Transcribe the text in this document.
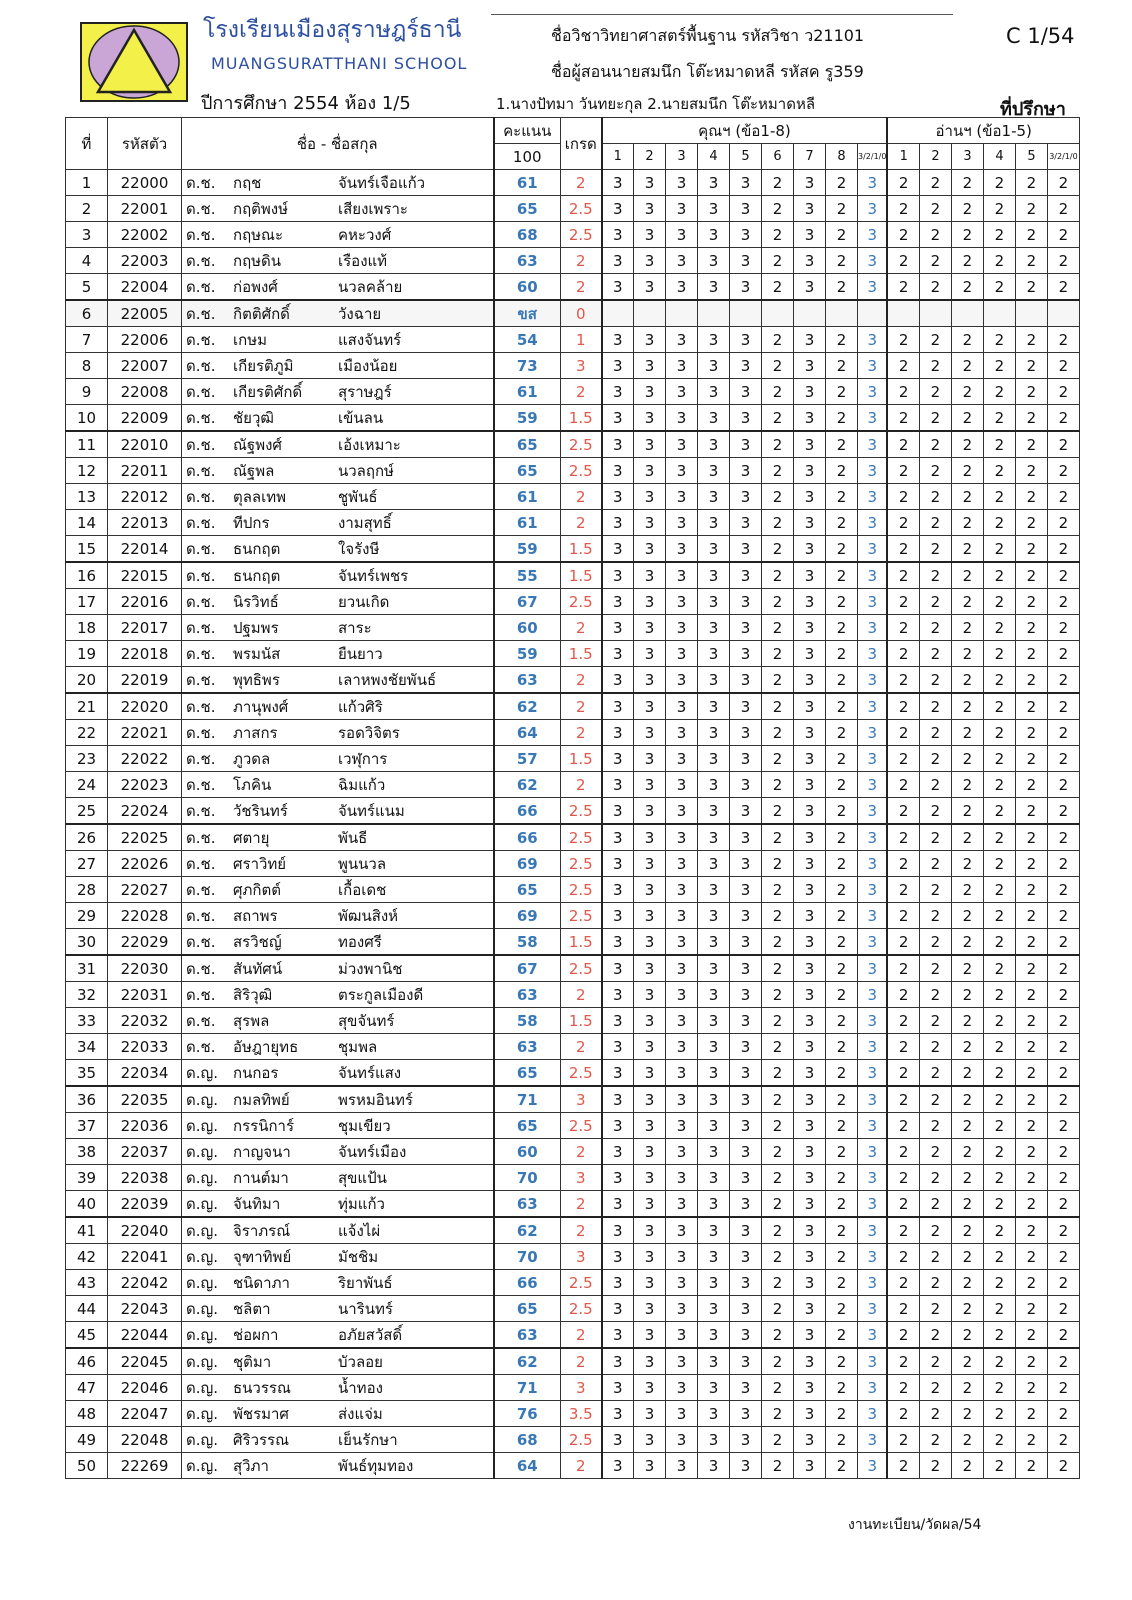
โรงเรียนเมืองสุราษฎร์ธานี
MUANGSURATTHANI SCHOOL
ปีการศึกษา 2554 ห้อง 1/5
ชื่อวิชาวิทยาศาสตร์พื้นฐาน รหัสวิชา ว21101
ชื่อผู้สอนนายสมนึก โต๊ะหมาดหลี รหัสค รู359
1.นางปัทมา วันทยะกุล 2.นายสมนึก โต๊ะหมาดหลี
C 1/54
ที่ปรึกษา
ที่	รหัสตัว	ชื่อ - ชื่อสกุล	คะแนน	เกรด	คุณฯ (ข้อ1-8)									อ่านฯ (ข้อ1-5)					
			100		1	2	3	4	5	6	7	8	3/2/1/0	1	2	3	4	5	3/2/1/0
1	22000	ด.ช. กฤช จันทร์เจือแก้ว	61	2	3	3	3	3	3	2	3	2	3	2	2	2	2	2	2
2	22001	ด.ช. กฤติพงษ์ เสียงเพราะ	65	2.5	3	3	3	3	3	2	3	2	3	2	2	2	2	2	2
3	22002	ด.ช. กฤษณะ คหะวงศ์	68	2.5	3	3	3	3	3	2	3	2	3	2	2	2	2	2	2
4	22003	ด.ช. กฤษดิน เรืองแท้	63	2	3	3	3	3	3	2	3	2	3	2	2	2	2	2	2
5	22004	ด.ช. ก่อพงศ์ นวลคล้าย	60	2	3	3	3	3	3	2	3	2	3	2	2	2	2	2	2
6	22005	ด.ช. กิตติศักดิ์ วังฉาย	ขส	0															
7	22006	ด.ช. เกษม แสงจันทร์	54	1	3	3	3	3	3	2	3	2	3	2	2	2	2	2	2
8	22007	ด.ช. เกียรติภูมิ เมืองน้อย	73	3	3	3	3	3	3	2	3	2	3	2	2	2	2	2	2
9	22008	ด.ช. เกียรติศักดิ์ สุราษฎร์	61	2	3	3	3	3	3	2	3	2	3	2	2	2	2	2	2
10	22009	ด.ช. ชัยวุฒิ เข้นลน	59	1.5	3	3	3	3	3	2	3	2	3	2	2	2	2	2	2
11	22010	ด.ช. ณัฐพงศ์ เอ้งเหมาะ	65	2.5	3	3	3	3	3	2	3	2	3	2	2	2	2	2	2
12	22011	ด.ช. ณัฐพล นวลฤกษ์	65	2.5	3	3	3	3	3	2	3	2	3	2	2	2	2	2	2
13	22012	ด.ช. ตุลลเทพ ชูพันธ์	61	2	3	3	3	3	3	2	3	2	3	2	2	2	2	2	2
14	22013	ด.ช. ทีปกร งามสุทธิ์	61	2	3	3	3	3	3	2	3	2	3	2	2	2	2	2	2
15	22014	ด.ช. ธนกฤต ใจรังษี	59	1.5	3	3	3	3	3	2	3	2	3	2	2	2	2	2	2
16	22015	ด.ช. ธนกฤต จันทร์เพชร	55	1.5	3	3	3	3	3	2	3	2	3	2	2	2	2	2	2
17	22016	ด.ช. นิรวิทธ์ ยวนเกิด	67	2.5	3	3	3	3	3	2	3	2	3	2	2	2	2	2	2
18	22017	ด.ช. ปฐมพร สาระ	60	2	3	3	3	3	3	2	3	2	3	2	2	2	2	2	2
19	22018	ด.ช. พรมนัส ยืนยาว	59	1.5	3	3	3	3	3	2	3	2	3	2	2	2	2	2	2
20	22019	ด.ช. พุทธิพร เลาหพงชัยพันธ์	63	2	3	3	3	3	3	2	3	2	3	2	2	2	2	2	2
21	22020	ด.ช. ภานุพงศ์ แก้วศิริ	62	2	3	3	3	3	3	2	3	2	3	2	2	2	2	2	2
22	22021	ด.ช. ภาสกร รอดวิจิตร	64	2	3	3	3	3	3	2	3	2	3	2	2	2	2	2	2
23	22022	ด.ช. ภูวดล เวฬุการ	57	1.5	3	3	3	3	3	2	3	2	3	2	2	2	2	2	2
24	22023	ด.ช. โภคิน ฉิมแก้ว	62	2	3	3	3	3	3	2	3	2	3	2	2	2	2	2	2
25	22024	ด.ช. วัชรินทร์ จันทร์แนม	66	2.5	3	3	3	3	3	2	3	2	3	2	2	2	2	2	2
26	22025	ด.ช. ศตายุ พันธี	66	2.5	3	3	3	3	3	2	3	2	3	2	2	2	2	2	2
27	22026	ด.ช. ศราวิทย์ พูนนวล	69	2.5	3	3	3	3	3	2	3	2	3	2	2	2	2	2	2
28	22027	ด.ช. ศุภกิตต์ เกื้อเดช	65	2.5	3	3	3	3	3	2	3	2	3	2	2	2	2	2	2
29	22028	ด.ช. สถาพร พัฒนสิงห์	69	2.5	3	3	3	3	3	2	3	2	3	2	2	2	2	2	2
30	22029	ด.ช. สรวิชญ์ ทองศรี	58	1.5	3	3	3	3	3	2	3	2	3	2	2	2	2	2	2
31	22030	ด.ช. สันทัศน์ ม่วงพานิช	67	2.5	3	3	3	3	3	2	3	2	3	2	2	2	2	2	2
32	22031	ด.ช. สิริวุฒิ ตระกูลเมืองดี	63	2	3	3	3	3	3	2	3	2	3	2	2	2	2	2	2
33	22032	ด.ช. สุรพล สุขจันทร์	58	1.5	3	3	3	3	3	2	3	2	3	2	2	2	2	2	2
34	22033	ด.ช. อัษฎายุทธ ชุมพล	63	2	3	3	3	3	3	2	3	2	3	2	2	2	2	2	2
35	22034	ด.ญ. กนกอร จันทร์แสง	65	2.5	3	3	3	3	3	2	3	2	3	2	2	2	2	2	2
36	22035	ด.ญ. กมลทิพย์ พรหมอินทร์	71	3	3	3	3	3	3	2	3	2	3	2	2	2	2	2	2
37	22036	ด.ญ. กรรนิการ์ ชุมเขียว	65	2.5	3	3	3	3	3	2	3	2	3	2	2	2	2	2	2
38	22037	ด.ญ. กาญจนา จันทร์เมือง	60	2	3	3	3	3	3	2	3	2	3	2	2	2	2	2	2
39	22038	ด.ญ. กานต์มา สุขแป้น	70	3	3	3	3	3	3	2	3	2	3	2	2	2	2	2	2
40	22039	ด.ญ. จันทิมา ทุ่มแก้ว	63	2	3	3	3	3	3	2	3	2	3	2	2	2	2	2	2
41	22040	ด.ญ. จิราภรณ์ แจ้งไผ่	62	2	3	3	3	3	3	2	3	2	3	2	2	2	2	2	2
42	22041	ด.ญ. จุฑาทิพย์ มัชชิม	70	3	3	3	3	3	3	2	3	2	3	2	2	2	2	2	2
43	22042	ด.ญ. ชนิดาภา ริยาพันธ์	66	2.5	3	3	3	3	3	2	3	2	3	2	2	2	2	2	2
44	22043	ด.ญ. ชลิตา นารินทร์	65	2.5	3	3	3	3	3	2	3	2	3	2	2	2	2	2	2
45	22044	ด.ญ. ช่อผกา อภัยสวัสดิ์	63	2	3	3	3	3	3	2	3	2	3	2	2	2	2	2	2
46	22045	ด.ญ. ชุติมา บัวลอย	62	2	3	3	3	3	3	2	3	2	3	2	2	2	2	2	2
47	22046	ด.ญ. ธนวรรณ น้ำทอง	71	3	3	3	3	3	3	2	3	2	3	2	2	2	2	2	2
48	22047	ด.ญ. พัชรมาศ ส่งแจ่ม	76	3.5	3	3	3	3	3	2	3	2	3	2	2	2	2	2	2
49	22048	ด.ญ. ศิริวรรณ เย็นรักษา	68	2.5	3	3	3	3	3	2	3	2	3	2	2	2	2	2	2
50	22269	ด.ญ. สุวิภา พันธ์ทุมทอง	64	2	3	3	3	3	3	2	3	2	3	2	2	2	2	2	2
งานทะเบียน/วัดผล/54
